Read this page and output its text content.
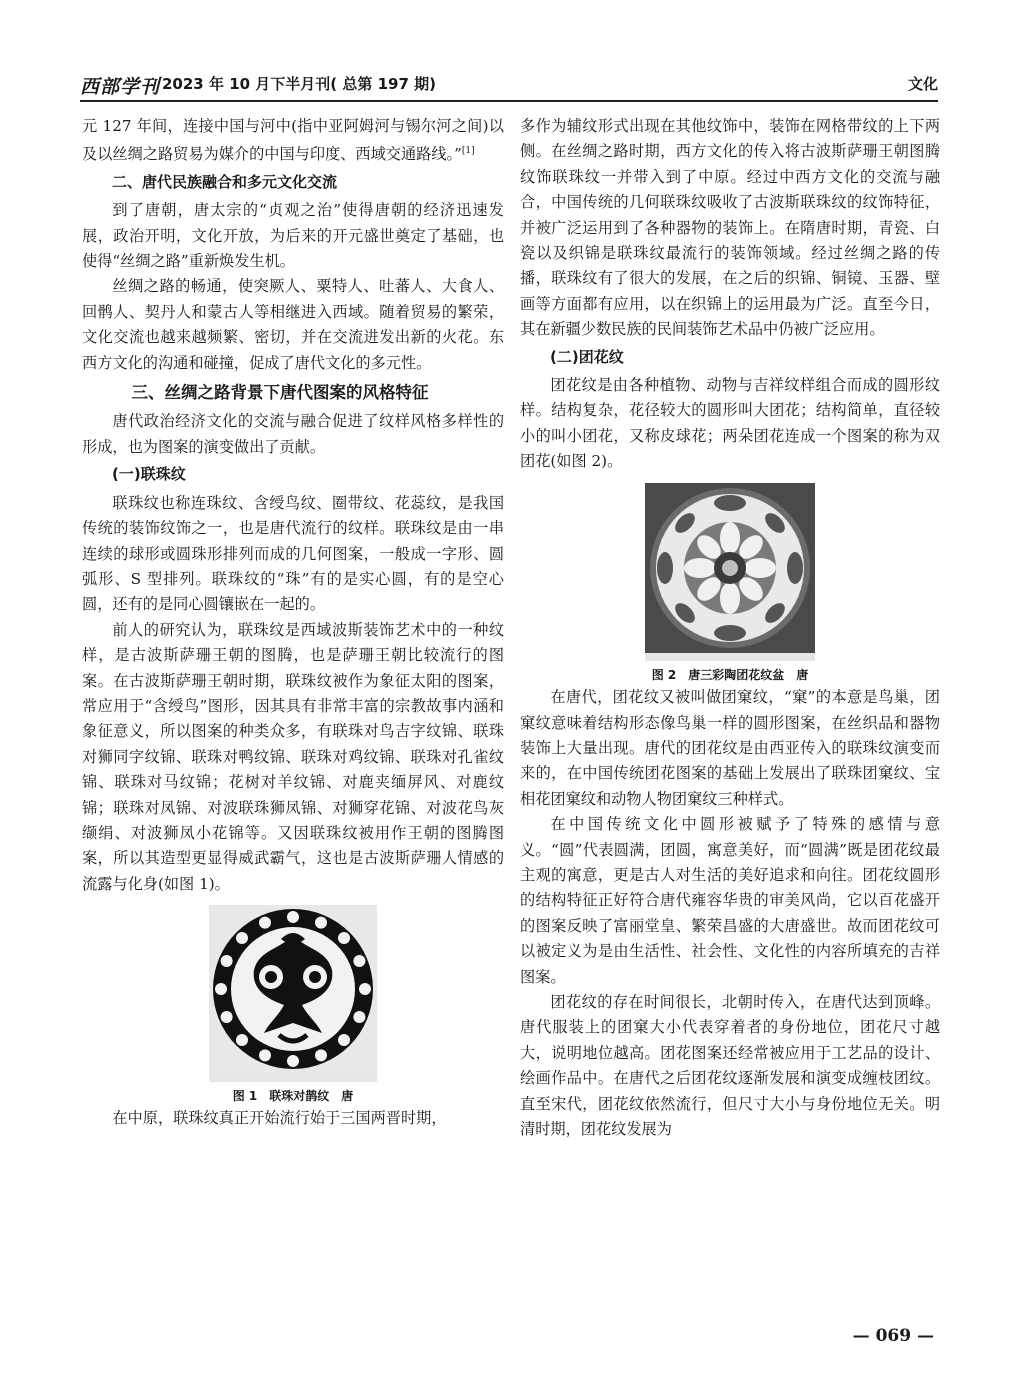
西部学刊 2023 年 10 月下半月刊( 总第 197 期)	文化

元 127 年间，连接中国与河中(指中亚阿姆河与锡尔河之间)以及以丝绸之路贸易为媒介的中国与印度、西域交通路线。”[1]

二、唐代民族融合和多元文化交流

到了唐朝，唐太宗的“贞观之治”使得唐朝的经济迅速发展，政治开明，文化开放，为后来的开元盛世奠定了基础，也使得“丝绸之路”重新焕发生机。

丝绸之路的畅通，使突厥人、粟特人、吐蕃人、大食人、回鹘人、契丹人和蒙古人等相继进入西域。随着贸易的繁荣，文化交流也越来越频繁、密切，并在交流进发出新的火花。东西方文化的沟通和碰撞，促成了唐代文化的多元性。

三、丝绸之路背景下唐代图案的风格特征

唐代政治经济文化的交流与融合促进了纹样风格多样性的形成，也为图案的演变做出了贡献。

(一)联珠纹

联珠纹也称连珠纹、含绶鸟纹、圈带纹、花蕊纹，是我国传统的装饰纹饰之一，也是唐代流行的纹样。联珠纹是由一串连续的球形或圆珠形排列而成的几何图案，一般成一字形、圆弧形、S 型排列。联珠纹的“珠”有的是实心圆，有的是空心圆，还有的是同心圆镶嵌在一起的。

前人的研究认为，联珠纹是西域波斯装饰艺术中的一种纹样，是古波斯萨珊王朝的图腾，也是萨珊王朝比较流行的图案。在古波斯萨珊王朝时期，联珠纹被作为象征太阳的图案，常应用于“含绶鸟”图形，因其具有非常丰富的宗教故事内涵和象征意义，所以图案的种类众多，有联珠对鸟吉字纹锦、联珠对狮同字纹锦、联珠对鸭纹锦、联珠对鸡纹锦、联珠对孔雀纹锦、联珠对马纹锦；花树对羊纹锦、对鹿夹缅屏风、对鹿纹锦；联珠对凤锦、对波联珠狮凤锦、对狮穿花锦、对波花鸟灰缬绢、对波狮凤小花锦等。又因联珠纹被用作王朝的图腾图案，所以其造型更显得威武霸气，这也是古波斯萨珊人情感的流露与化身(如图 1)。

图 1　联珠对鹊纹　唐

在中原，联珠纹真正开始流行始于三国两晋时期，

多作为辅纹形式出现在其他纹饰中，装饰在网格带纹的上下两侧。在丝绸之路时期，西方文化的传入将古波斯萨珊王朝图腾纹饰联珠纹一并带入到了中原。经过中西方文化的交流与融合，中国传统的几何联珠纹吸收了古波斯联珠纹的纹饰特征，并被广泛运用到了各种器物的装饰上。在隋唐时期，青瓷、白瓷以及织锦是联珠纹最流行的装饰领域。经过丝绸之路的传播，联珠纹有了很大的发展，在之后的织锦、铜镜、玉器、壁画等方面都有应用，以在织锦上的运用最为广泛。直至今日，其在新疆少数民族的民间装饰艺术品中仍被广泛应用。

(二)团花纹

团花纹是由各种植物、动物与吉祥纹样组合而成的圆形纹样。结构复杂，花径较大的圆形叫大团花；结构简单，直径较小的叫小团花，又称皮球花；两朵团花连成一个图案的称为双团花(如图 2)。

图 2　唐三彩陶团花纹盆　唐

在唐代，团花纹又被叫做团窠纹，“窠”的本意是鸟巢，团窠纹意味着结构形态像鸟巢一样的圆形图案，在丝织品和器物装饰上大量出现。唐代的团花纹是由西亚传入的联珠纹演变而来的，在中国传统团花图案的基础上发展出了联珠团窠纹、宝相花团窠纹和动物人物团窠纹三种样式。

在中国传统文化中圆形被赋予了特殊的感情与意义。“圆”代表圆满，团圆，寓意美好，而“圆满”既是团花纹最主观的寓意，更是古人对生活的美好追求和向往。团花纹圆形的结构特征正好符合唐代雍容华贵的审美风尚，它以百花盛开的图案反映了富丽堂皇、繁荣昌盛的大唐盛世。故而团花纹可以被定义为是由生活性、社会性、文化性的内容所填充的吉祥图案。

团花纹的存在时间很长，北朝时传入，在唐代达到顶峰。唐代服装上的团窠大小代表穿着者的身份地位，团花尺寸越大，说明地位越高。团花图案还经常被应用于工艺品的设计、绘画作品中。在唐代之后团花纹逐渐发展和演变成缠枝团纹。直至宋代，团花纹依然流行，但尺寸大小与身份地位无关。明清时期，团花纹发展为

— 069 —
